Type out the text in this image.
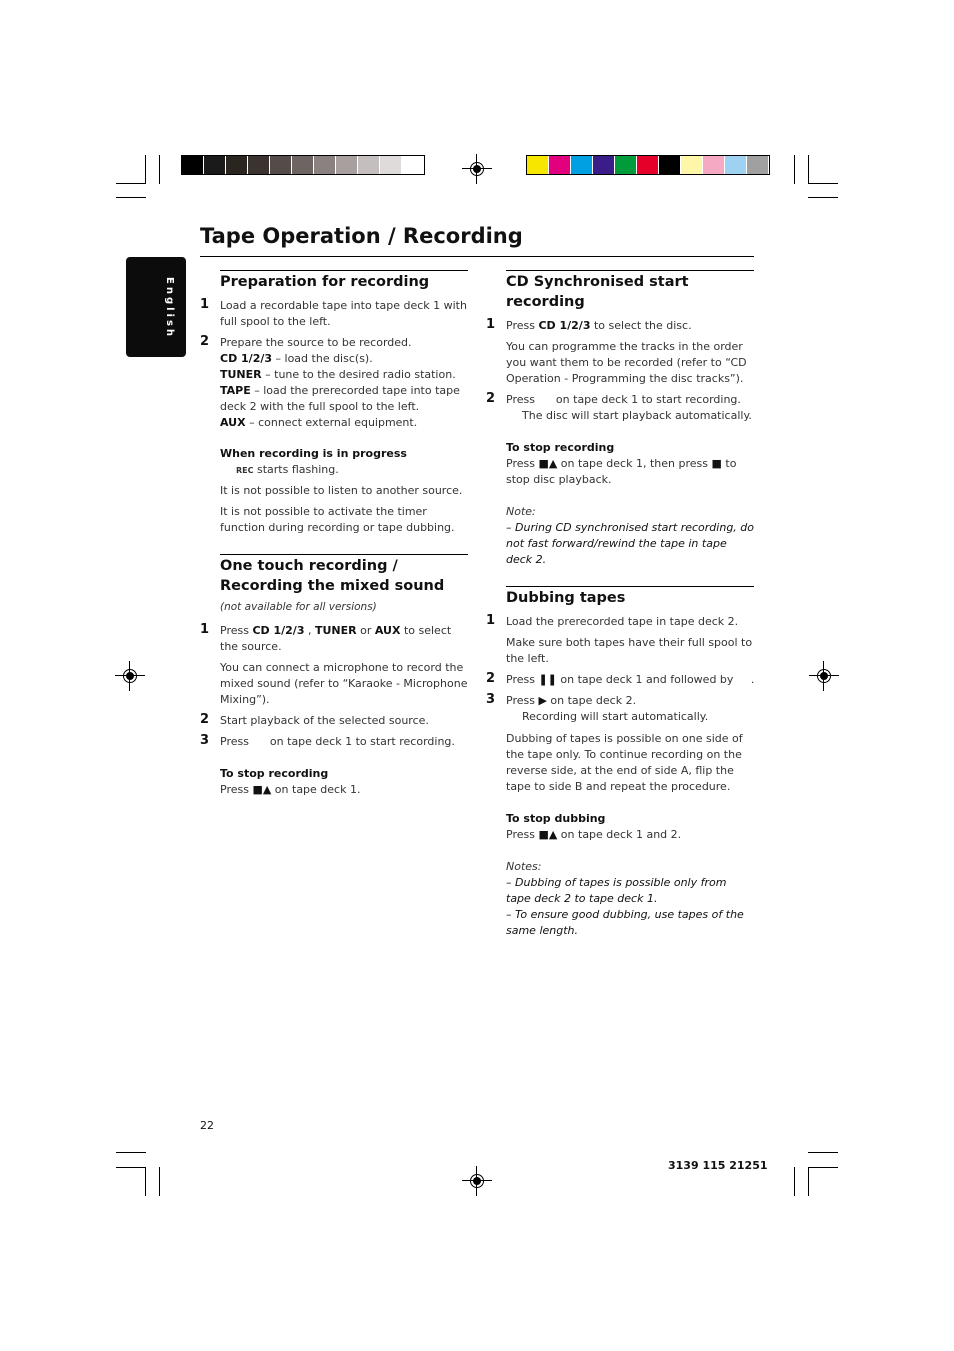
English
Tape Operation / Recording
Preparation for recording
1 Load a recordable tape into tape deck 1 with full spool to the left.

2 Prepare the source to be recorded.

CD 1/2/3 – load the disc(s).

TUNER – tune to the desired radio station.

TAPE – load the prerecorded tape into tape deck 2 with the full spool to the left.

AUX – connect external equipment.

When recording is in progress

REC starts flashing.

It is not possible to listen to another source.

It is not possible to activate the timer function during recording or tape dubbing.

One touch recording / Recording the mixed sound (not available for all versions)
1 Press CD 1/2/3 , TUNER or AUX to select the source.

You can connect a microphone to record the mixed sound (refer to “Karaoke - Microphone Mixing”).

2 Start playback of the selected source.

3 Press      on tape deck 1 to start recording.

To stop recording

Press ■▲ on tape deck 1.

CD Synchronised start recording
1 Press CD 1/2/3 to select the disc.

You can programme the tracks in the order you want them to be recorded (refer to “CD Operation - Programming the disc tracks”).

2 Press      on tape deck 1 to start recording.

The disc will start playback automatically.

To stop recording

Press ■▲ on tape deck 1, then press ■ to stop disc playback.

Note:

– During CD synchronised start recording, do not fast forward/rewind the tape in tape deck 2.

Dubbing tapes
1 Load the prerecorded tape in tape deck 2.

Make sure both tapes have their full spool to the left.

2 Press ❚❚ on tape deck 1 and followed by     .

3 Press ▶ on tape deck 2.

Recording will start automatically.

Dubbing of tapes is possible on one side of the tape only. To continue recording on the reverse side, at the end of side A, flip the tape to side B and repeat the procedure.

To stop dubbing

Press ■▲ on tape deck 1 and 2.

Notes:

– Dubbing of tapes is possible only from tape deck 2 to tape deck 1.

– To ensure good dubbing, use tapes of the same length.

22
3139 115 21251
